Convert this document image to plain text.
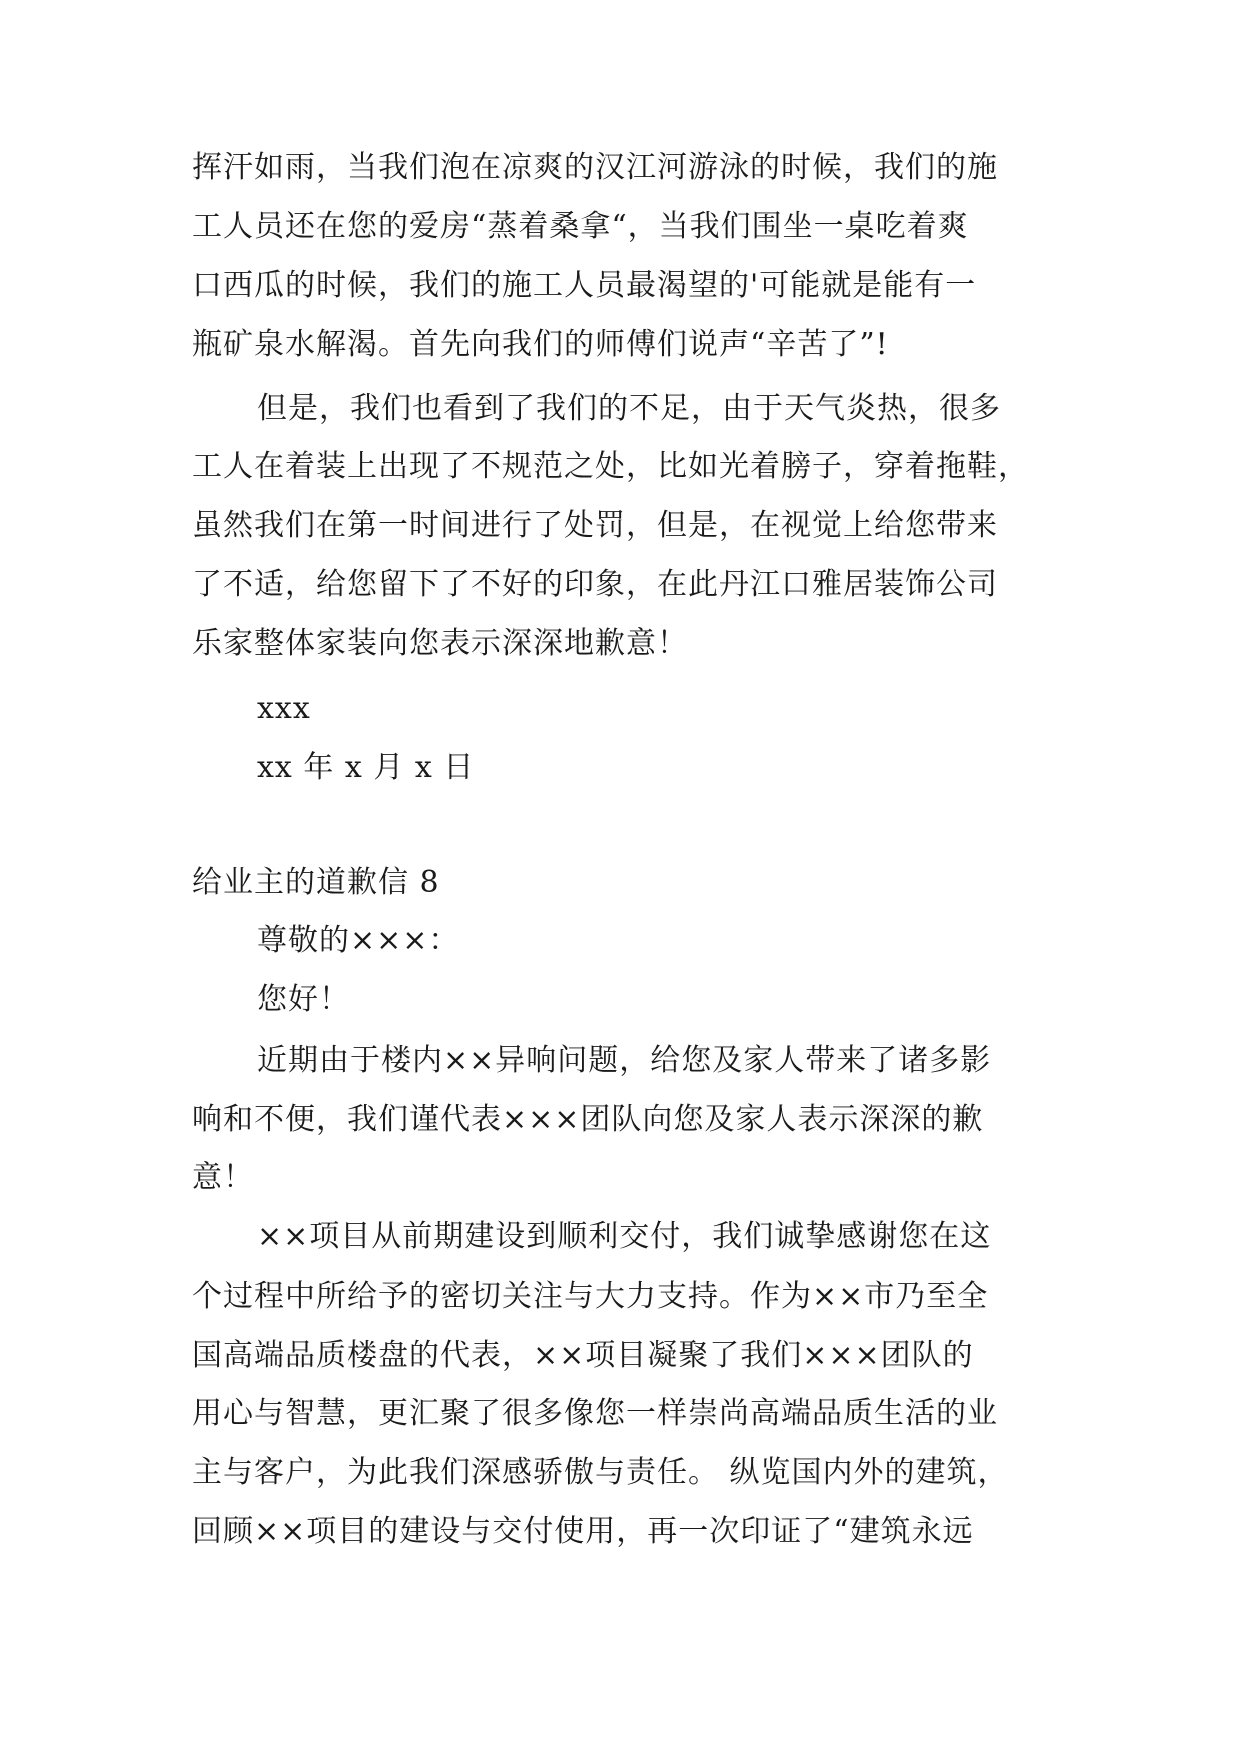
挥汗如雨，当我们泡在凉爽的汉江河游泳的时候，我们的施
工人员还在您的爱房“蒸着桑拿“，当我们围坐一桌吃着爽
口西瓜的时候，我们的施工人员最渴望的'可能就是能有一
瓶矿泉水解渴。首先向我们的师傅们说声“辛苦了”!
但是，我们也看到了我们的不足，由于天气炎热，很多
工人在着装上出现了不规范之处，比如光着膀子，穿着拖鞋，
虽然我们在第一时间进行了处罚，但是，在视觉上给您带来
了不适，给您留下了不好的印象，在此丹江口雅居装饰公司
乐家整体家装向您表示深深地歉意！
xxx
xx 年 x 月 x 日
给业主的道歉信 8
尊敬的×××：
您好！
近期由于楼内××异响问题，给您及家人带来了诸多影
响和不便，我们谨代表×××团队向您及家人表示深深的歉
意！
××项目从前期建设到顺利交付，我们诚挚感谢您在这
个过程中所给予的密切关注与大力支持。作为××市乃至全
国高端品质楼盘的代表，××项目凝聚了我们×××团队的
用心与智慧，更汇聚了很多像您一样崇尚高端品质生活的业
主与客户，为此我们深感骄傲与责任。 纵览国内外的建筑，
回顾××项目的建设与交付使用，再一次印证了“建筑永远
